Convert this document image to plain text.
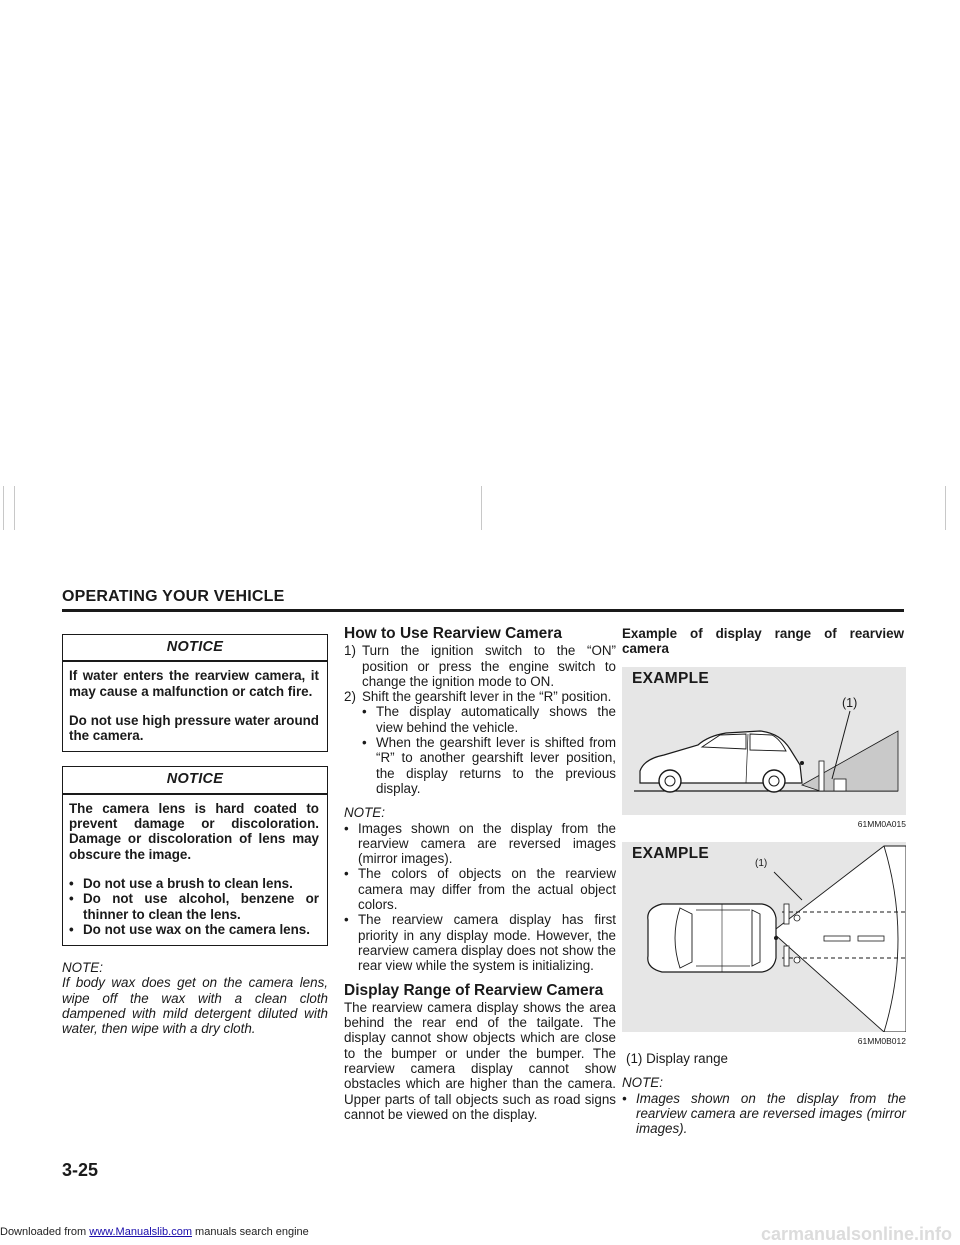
OPERATING YOUR VEHICLE
NOTICE

If water enters the rearview camera, it may cause a malfunction or catch fire.

Do not use high pressure water around the camera.

NOTICE

The camera lens is hard coated to prevent damage or discoloration. Damage or discoloration of lens may obscure the image.

• Do not use a brush to clean lens.
• Do not use alcohol, benzene or thinner to clean the lens.
• Do not use wax on the camera lens.
NOTE:
If body wax does get on the camera lens, wipe off the wax with a clean cloth dampened with mild detergent diluted with water, then wipe with a dry cloth.
How to Use Rearview Camera
1) Turn the ignition switch to the “ON” position or press the engine switch to change the ignition mode to ON.
2) Shift the gearshift lever in the “R” position.
• The display automatically shows the view behind the vehicle.
• When the gearshift lever is shifted from “R” to another gearshift lever position, the display returns to the previous display.
NOTE:
• Images shown on the display from the rearview camera are reversed images (mirror images).
• The colors of objects on the rearview camera may differ from the actual object colors.
• The rearview camera display has first priority in any display mode. However, the rearview camera display does not show the rear view while the system is initializing.
Display Range of Rearview Camera
The rearview camera display shows the area behind the rear end of the tailgate. The display cannot show objects which are close to the bumper or under the bumper. The rearview camera display cannot show obstacles which are higher than the camera. Upper parts of tall objects such as road signs cannot be viewed on the display.
Example of display range of rearview camera
EXAMPLE
(1)
61MM0A015
EXAMPLE
(1)
61MM0B012
(1) Display range
NOTE:
• Images shown on the display from the rearview camera are reversed images (mirror images).
3-25
Downloaded from www.Manualslib.com manuals search engine	carmanualsonline.info
